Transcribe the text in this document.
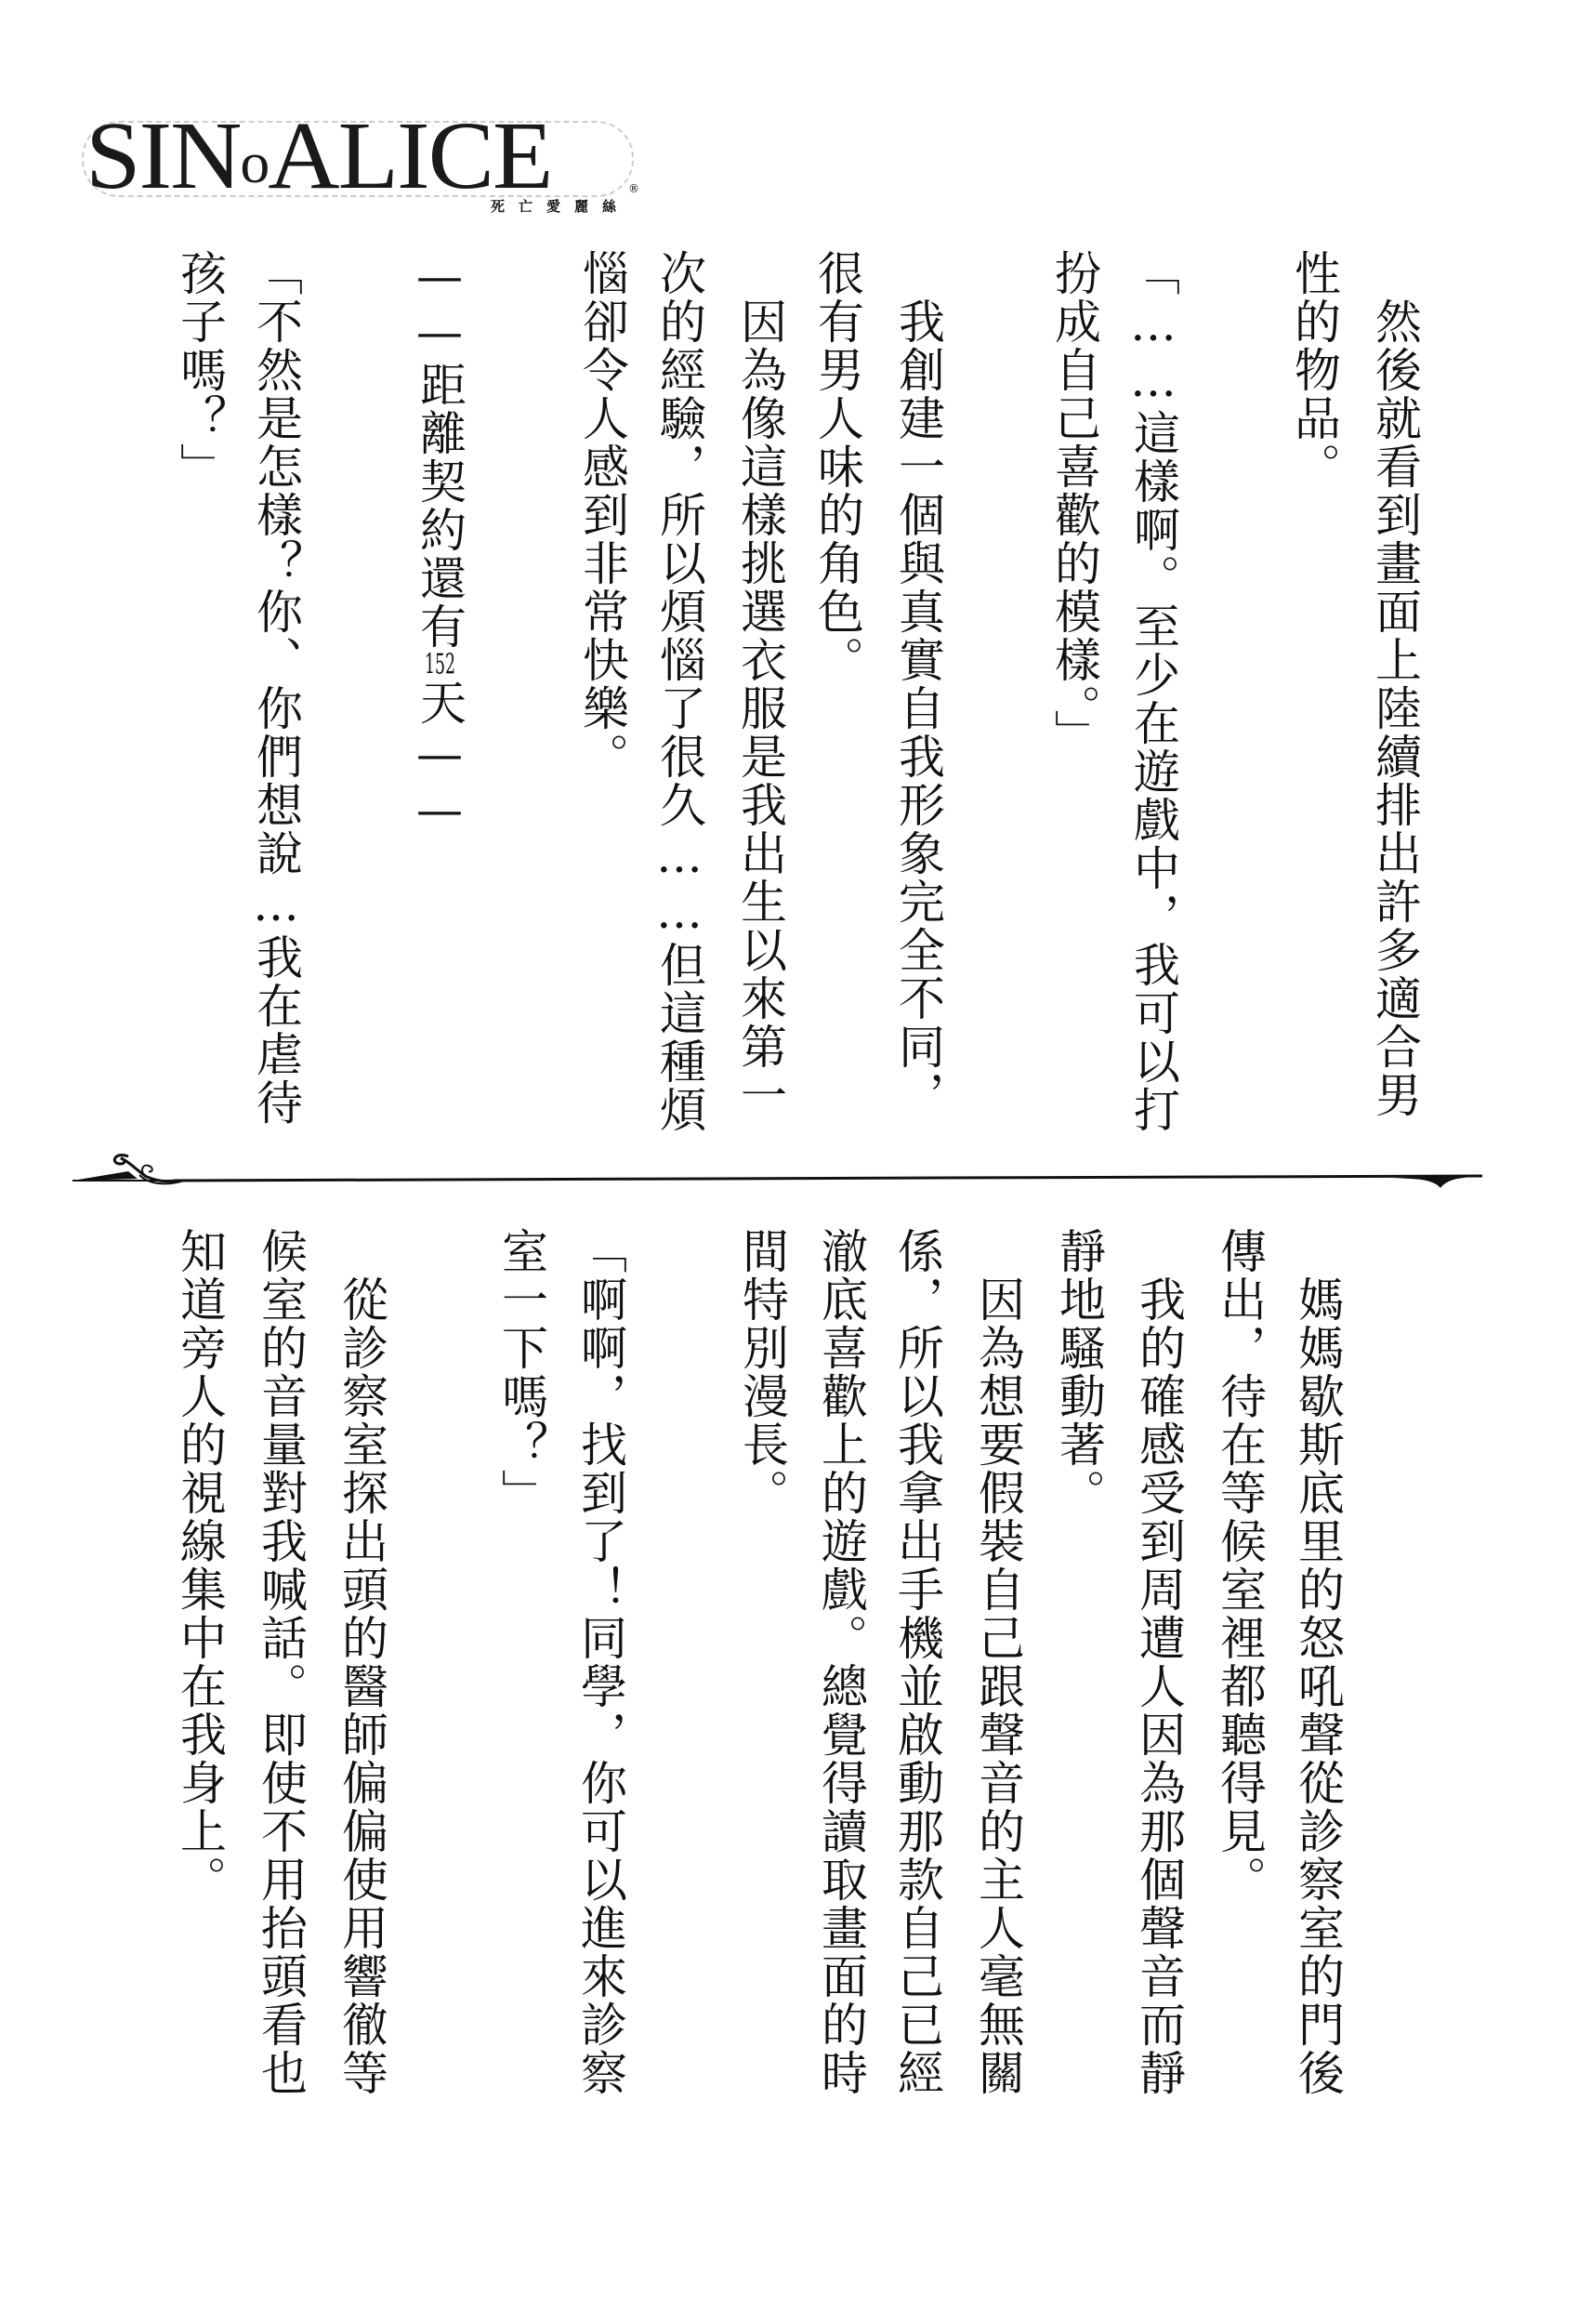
SINoALICE	®
死亡愛麗絲
　然後就看到畫面上陸續排出許多適合男
性的物品。
「……這樣啊。至少在遊戲中，我可以打
扮成自己喜歡的模樣。」
　我創建一個與真實自我形象完全不同，
很有男人味的角色。
　因為像這樣挑選衣服是我出生以來第一
次的經驗，所以煩惱了很久……但這種煩
惱卻令人感到非常快樂。
——距離契約還有152天——
「不然是怎樣？你、你們想說…我在虐待
孩子嗎？」
　媽媽歇斯底里的怒吼聲從診察室的門後
傳出，待在等候室裡都聽得見。
　我的確感受到周遭人因為那個聲音而靜
靜地騷動著。
　因為想要假裝自己跟聲音的主人毫無關
係，所以我拿出手機並啟動那款自己已經
澈底喜歡上的遊戲。總覺得讀取畫面的時
間特別漫長。
「啊啊，找到了！同學，你可以進來診察
室一下嗎？」
　從診察室探出頭的醫師偏偏使用響徹等
候室的音量對我喊話。即使不用抬頭看也
知道旁人的視線集中在我身上。
